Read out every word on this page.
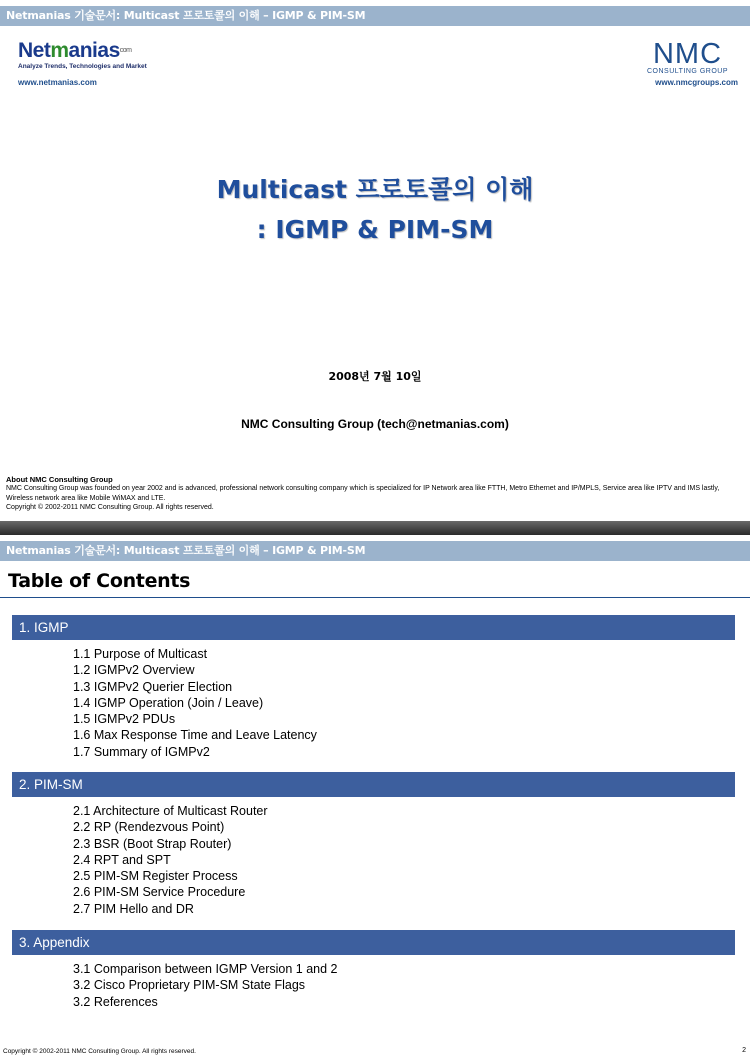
Netmanias 기술문서: Multicast 프로토콜의 이해 – IGMP & PIM-SM
Netmaniascom
Analyze Trends, Technologies and Market
www.netmanias.com
NMC
CONSULTING GROUP
www.nmcgroups.com
Multicast 프로토콜의 이해
: IGMP & PIM-SM
2008년 7월 10일
NMC Consulting Group (tech@netmanias.com)
About NMC Consulting Group
NMC Consulting Group was founded on year 2002 and is advanced, professional network consulting company which is specialized for IP Network area like FTTH, Metro Ethernet and IP/MPLS, Service area like IPTV and IMS lastly,
Wireless network area like Mobile WiMAX and LTE.
Copyright © 2002-2011 NMC Consulting Group. All rights reserved.
Netmanias 기술문서: Multicast 프로토콜의 이해 – IGMP & PIM-SM
Table of Contents
1. IGMP
1.1 Purpose of Multicast
1.2 IGMPv2 Overview
1.3 IGMPv2 Querier Election
1.4 IGMP Operation (Join / Leave)
1.5 IGMPv2 PDUs
1.6 Max Response Time and Leave Latency
1.7 Summary of IGMPv2
2. PIM-SM
2.1 Architecture of Multicast Router
2.2 RP (Rendezvous Point)
2.3 BSR (Boot Strap Router)
2.4 RPT and SPT
2.5 PIM-SM Register Process
2.6 PIM-SM Service Procedure
2.7 PIM Hello and DR
3. Appendix
3.1 Comparison between IGMP Version 1 and 2
3.2 Cisco Proprietary PIM-SM State Flags
3.2 References
Copyright © 2002-2011 NMC Consulting Group. All rights reserved.	2
